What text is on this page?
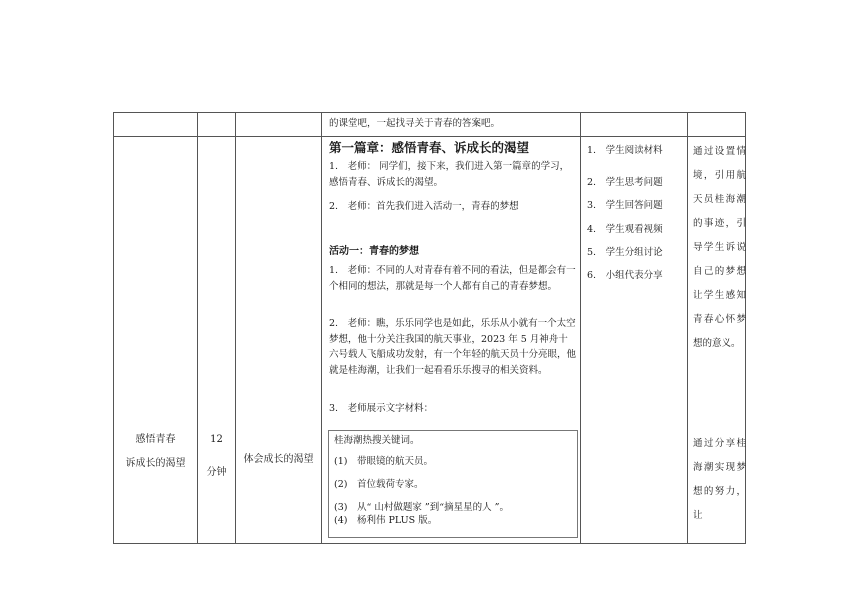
的课堂吧，一起找寻关于青春的答案吧。
感悟青春
诉成长的渴望
12
分钟
体会成长的渴望
第一篇章：感悟青春、诉成长的渴望
1.　老师： 同学们，接下来，我们进入第一篇章的学习，感悟青春、诉成长的渴望。
2.　老师：首先我们进入活动一，青春的梦想
活动一：青春的梦想
1.　老师：不同的人对青春有着不同的看法，但是都会有一个相同的想法，那就是每一个人都有自己的青春梦想。
2.　老师：瞧，乐乐同学也是如此，乐乐从小就有一个太空梦想，他十分关注我国的航天事业，2023 年 5 月神舟十六号载人飞船成功发射，有一个年轻的航天员十分亮眼，他就是桂海潮，让我们一起看看乐乐搜寻的相关资料。
3.　老师展示文字材料：
桂海潮热搜关键词。
(1)　带眼镜的航天员。
(2)　首位载荷专家。
(3)　从“ 山村做题家 ”到“摘星星的人 ”。
(4)　杨利伟 PLUS 版。
1.　学生阅读材料
2.　学生思考问题
3.　学生回答问题
4.　学生观看视频
5.　学生分组讨论
6.　小组代表分享
通过设置情境，引用航天员桂海潮的事迹，引导学生诉说自己的梦想让学生感知青春心怀梦想的意义。
通过分享桂海潮实现梦想的努力，让
